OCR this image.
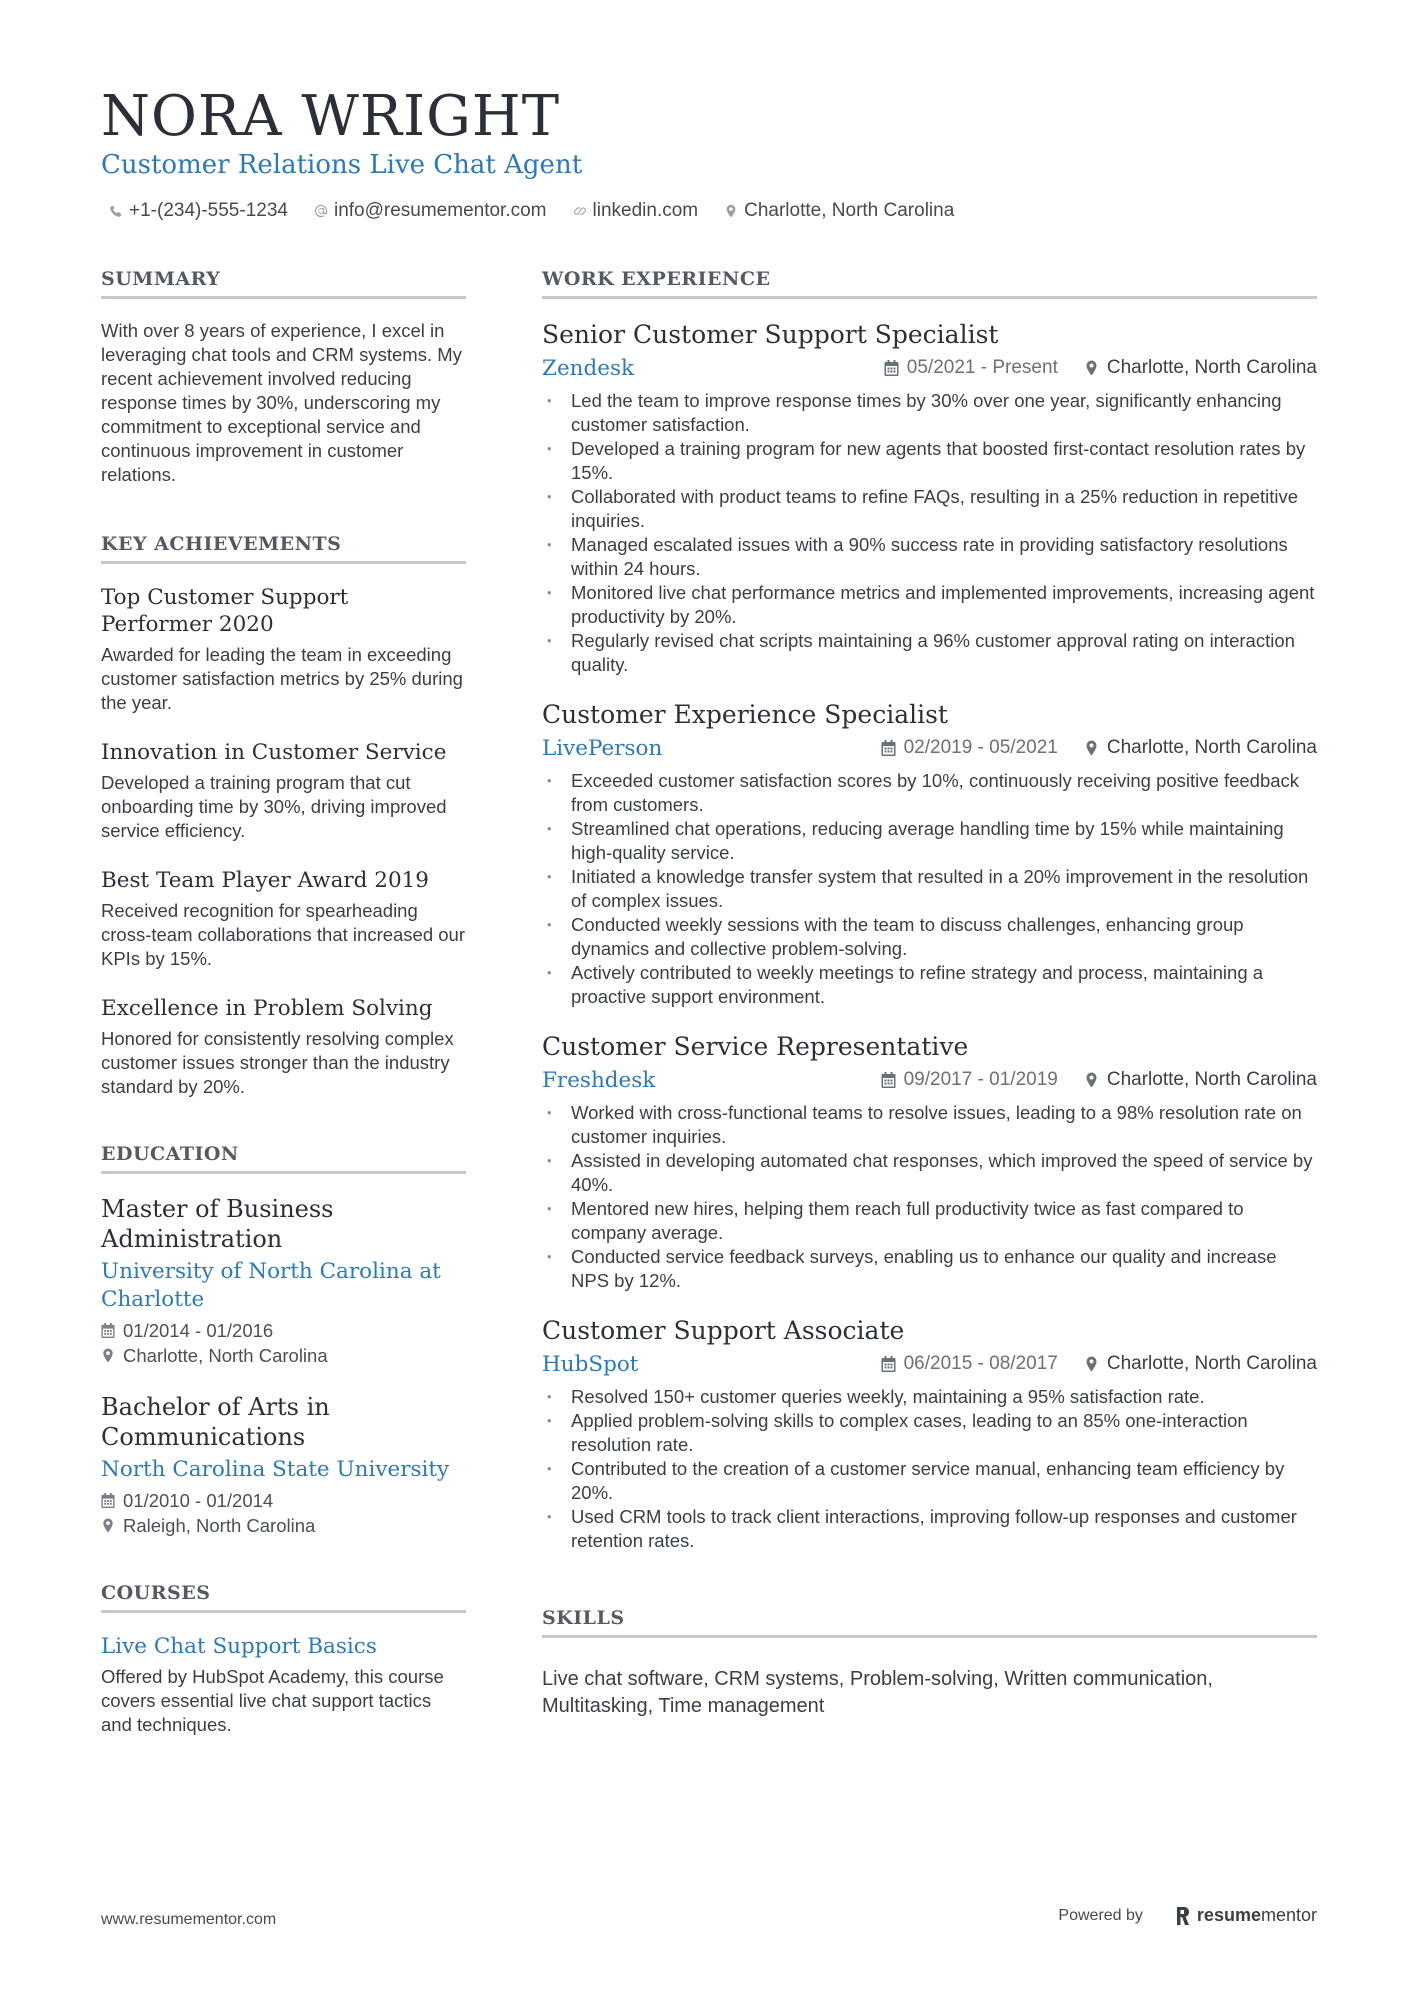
NORA WRIGHT
Customer Relations Live Chat Agent
+1-(234)-555-1234 info@resumementor.com linkedin.com Charlotte, North Carolina
SUMMARY
With over 8 years of experience, I excel in leveraging chat tools and CRM systems. My recent achievement involved reducing response times by 30%, underscoring my commitment to exceptional service and continuous improvement in customer relations.
KEY ACHIEVEMENTS
Top Customer Support Performer 2020
Awarded for leading the team in exceeding customer satisfaction metrics by 25% during the year.
Innovation in Customer Service
Developed a training program that cut onboarding time by 30%, driving improved service efficiency.
Best Team Player Award 2019
Received recognition for spearheading cross-team collaborations that increased our KPIs by 15%.
Excellence in Problem Solving
Honored for consistently resolving complex customer issues stronger than the industry standard by 20%.
EDUCATION
Master of Business Administration
University of North Carolina at Charlotte
01/2014 - 01/2016
Charlotte, North Carolina
Bachelor of Arts in Communications
North Carolina State University
01/2010 - 01/2014
Raleigh, North Carolina
COURSES
Live Chat Support Basics
Offered by HubSpot Academy, this course covers essential live chat support tactics and techniques.
WORK EXPERIENCE
Senior Customer Support Specialist
Zendesk	05/2021 - Present	Charlotte, North Carolina
• Led the team to improve response times by 30% over one year, significantly enhancing customer satisfaction.
• Developed a training program for new agents that boosted first-contact resolution rates by 15%.
• Collaborated with product teams to refine FAQs, resulting in a 25% reduction in repetitive inquiries.
• Managed escalated issues with a 90% success rate in providing satisfactory resolutions within 24 hours.
• Monitored live chat performance metrics and implemented improvements, increasing agent productivity by 20%.
• Regularly revised chat scripts maintaining a 96% customer approval rating on interaction quality.
Customer Experience Specialist
LivePerson	02/2019 - 05/2021	Charlotte, North Carolina
• Exceeded customer satisfaction scores by 10%, continuously receiving positive feedback from customers.
• Streamlined chat operations, reducing average handling time by 15% while maintaining high-quality service.
• Initiated a knowledge transfer system that resulted in a 20% improvement in the resolution of complex issues.
• Conducted weekly sessions with the team to discuss challenges, enhancing group dynamics and collective problem-solving.
• Actively contributed to weekly meetings to refine strategy and process, maintaining a proactive support environment.
Customer Service Representative
Freshdesk	09/2017 - 01/2019	Charlotte, North Carolina
• Worked with cross-functional teams to resolve issues, leading to a 98% resolution rate on customer inquiries.
• Assisted in developing automated chat responses, which improved the speed of service by 40%.
• Mentored new hires, helping them reach full productivity twice as fast compared to company average.
• Conducted service feedback surveys, enabling us to enhance our quality and increase NPS by 12%.
Customer Support Associate
HubSpot	06/2015 - 08/2017	Charlotte, North Carolina
• Resolved 150+ customer queries weekly, maintaining a 95% satisfaction rate.
• Applied problem-solving skills to complex cases, leading to an 85% one-interaction resolution rate.
• Contributed to the creation of a customer service manual, enhancing team efficiency by 20%.
• Used CRM tools to track client interactions, improving follow-up responses and customer retention rates.
SKILLS
Live chat software, CRM systems, Problem-solving, Written communication, Multitasking, Time management
www.resumementor.com	Powered by	resume mentor
